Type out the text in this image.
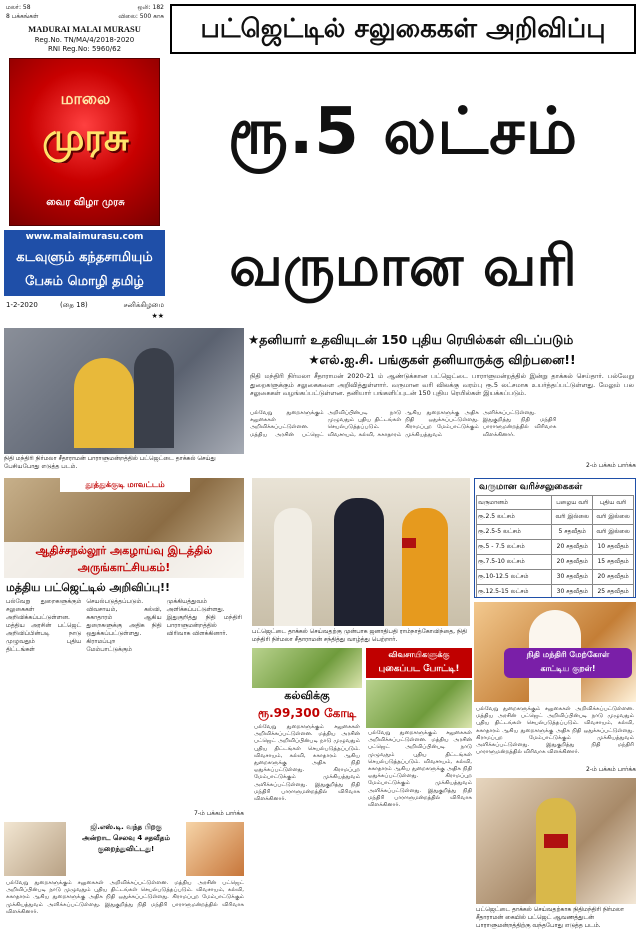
மலர்: 58	ஒலி: 182
8 பக்கங்கள்	விலை: 500 காசு
MADURAI MALAI MURASU
Reg.No. TN/MA/4/2018-2020
RNI Reg.No: 5960/62
மாலை
முரசு
வைர விழா முரசு
www.malaimurasu.com
கடவுளும் கந்தசாமியும்
பேசும் மொழி தமிழ்
1-2-2020	(தை 18)	சனிக்கிழமை
★★
பட்ஜெட்டில் சலுகைகள் அறிவிப்பு
ரூ.5 லட்சம்
வருமான வரி
நிதி மந்திரி நிர்மலா சீதாராமன் பாராளுமன்றத்தில் பட்ஜெட்டை தாக்கல் செய்து பேசியபோது எடுத்த படம்.
★தனியார் உதவியுடன் 150 புதிய ரெயில்கள் விடப்படும்
★எல்.ஐ.சி. பங்குகள் தனியாருக்கு விற்பனை!!
நிதி மந்திரி நிர்மலா சீதாராமன் 2020-21 ம் ஆண்டுக்கான பட்ஜெட்டை பாராளுமன்றத்தில் இன்று தாக்கல் செய்தார். பல்வேறு துறைகளுக்கும் சலுகைகளை அறிவித்துள்ளார். வருமான வரி விலக்கு வரம்பு ரூ.5 லட்சமாக உயர்த்தப்பட்டுள்ளது. மேலும் பல சலுகைகள் வழங்கப்பட்டுள்ளன. தனியார் பங்களிப்புடன் 150 புதிய ரெயில்கள் இயக்கப்படும்.
பல்வேறு துறைகளுக்கும் சலுகைகள் அறிவிக்கப்பட்டுள்ளன. மத்திய அரசின் பட்ஜெட் அறிவிப்பின்படி நாடு முழுவதும் புதிய திட்டங்கள் செயல்படுத்தப்படும். விவசாயம், கல்வி, சுகாதாரம் ஆகிய துறைகளுக்கு அதிக நிதி ஒதுக்கப்பட்டுள்ளது. கிராமப்புற மேம்பாட்டுக்கும் முக்கியத்துவம் அளிக்கப்பட்டுள்ளது. இதுகுறித்து நிதி மந்திரி பாராளுமன்றத்தில் விரிவாக விளக்கினார்.
2-ம் பக்கம் பார்க்க
தூத்துக்குடி மாவட்டம்
ஆதிச்சநல்லூர் அகழாய்வு இடத்தில் அருங்காட்சியகம்!
மத்திய பட்ஜெட்டில் அறிவிப்பு!!
பல்வேறு துறைகளுக்கும் சலுகைகள் அறிவிக்கப்பட்டுள்ளன. மத்திய அரசின் பட்ஜெட் அறிவிப்பின்படி நாடு முழுவதும் புதிய திட்டங்கள் செயல்படுத்தப்படும். விவசாயம், கல்வி, சுகாதாரம் ஆகிய துறைகளுக்கு அதிக நிதி ஒதுக்கப்பட்டுள்ளது. கிராமப்புற மேம்பாட்டுக்கும் முக்கியத்துவம் அளிக்கப்பட்டுள்ளது. இதுகுறித்து நிதி மந்திரி பாராளுமன்றத்தில் விரிவாக விளக்கினார்.
7-ம் பக்கம் பார்க்க
பட்ஜெட்டை தாக்கல் செய்வதற்கு முன்பாக ஜனாதிபதி ராம்நாத்கோவிந்தை, நிதி மந்திரி நிர்மலா சீதாராமன் சந்தித்து வாழ்த்து பெற்றார்.
வருமான வரிச்சலுகைகள்
வருமானம்	பழைய வரி	புதிய வரி
ரூ.2.5 லட்சம்	வரி இல்லை	வரி இல்லை
ரூ.2.5-5 லட்சம்	5 சதவீதம்	வரி இல்லை
ரூ.5 - 7.5 லட்சம்	20 சதவீதம்	10 சதவீதம்
ரூ.7.5-10 லட்சம்	20 சதவீதம்	15 சதவீதம்
ரூ.10-12.5 லட்சம்	30 சதவீதம்	20 சதவீதம்
ரூ.12.5-15 லட்சம்	30 சதவீதம்	25 சதவீதம்

நிதி மந்திரி மேற்கோள்
காட்டிய குறள்!
பல்வேறு துறைகளுக்கும் சலுகைகள் அறிவிக்கப்பட்டுள்ளன. மத்திய அரசின் பட்ஜெட் அறிவிப்பின்படி நாடு முழுவதும் புதிய திட்டங்கள் செயல்படுத்தப்படும். விவசாயம், கல்வி, சுகாதாரம் ஆகிய துறைகளுக்கு அதிக நிதி ஒதுக்கப்பட்டுள்ளது. கிராமப்புற மேம்பாட்டுக்கும் முக்கியத்துவம் அளிக்கப்பட்டுள்ளது. இதுகுறித்து நிதி மந்திரி பாராளுமன்றத்தில் விரிவாக விளக்கினார்.
2-ம் பக்கம் பார்க்க
கல்விக்கு
ரூ.99,300 கோடி
பல்வேறு துறைகளுக்கும் சலுகைகள் அறிவிக்கப்பட்டுள்ளன. மத்திய அரசின் பட்ஜெட் அறிவிப்பின்படி நாடு முழுவதும் புதிய திட்டங்கள் செயல்படுத்தப்படும். விவசாயம், கல்வி, சுகாதாரம் ஆகிய துறைகளுக்கு அதிக நிதி ஒதுக்கப்பட்டுள்ளது. கிராமப்புற மேம்பாட்டுக்கும் முக்கியத்துவம் அளிக்கப்பட்டுள்ளது. இதுகுறித்து நிதி மந்திரி பாராளுமன்றத்தில் விரிவாக விளக்கினார்.
விவசாயிகளுக்கு
புகைப்பட போட்டி!
பல்வேறு துறைகளுக்கும் சலுகைகள் அறிவிக்கப்பட்டுள்ளன. மத்திய அரசின் பட்ஜெட் அறிவிப்பின்படி நாடு முழுவதும் புதிய திட்டங்கள் செயல்படுத்தப்படும். விவசாயம், கல்வி, சுகாதாரம் ஆகிய துறைகளுக்கு அதிக நிதி ஒதுக்கப்பட்டுள்ளது. கிராமப்புற மேம்பாட்டுக்கும் முக்கியத்துவம் அளிக்கப்பட்டுள்ளது. இதுகுறித்து நிதி மந்திரி பாராளுமன்றத்தில் விரிவாக விளக்கினார்.
ஜி.எஸ்.டி. வந்த பிறகு
அன்றாட செலவு 4 சதவீதம் குறைந்துவிட்டது!
பல்வேறு துறைகளுக்கும் சலுகைகள் அறிவிக்கப்பட்டுள்ளன. மத்திய அரசின் பட்ஜெட் அறிவிப்பின்படி நாடு முழுவதும் புதிய திட்டங்கள் செயல்படுத்தப்படும். விவசாயம், கல்வி, சுகாதாரம் ஆகிய துறைகளுக்கு அதிக நிதி ஒதுக்கப்பட்டுள்ளது. கிராமப்புற மேம்பாட்டுக்கும் முக்கியத்துவம் அளிக்கப்பட்டுள்ளது. இதுகுறித்து நிதி மந்திரி பாராளுமன்றத்தில் விரிவாக விளக்கினார்.	பட்ஜெட்டை தாக்கல் செய்வதற்காக நிதிமந்திரி நிர்மலா சீதாராமன் கையில் பட்ஜெட் ஆவணத்துடன் பாராளுமன்றத்திற்கு வந்தபோது எடுத்த படம்.
